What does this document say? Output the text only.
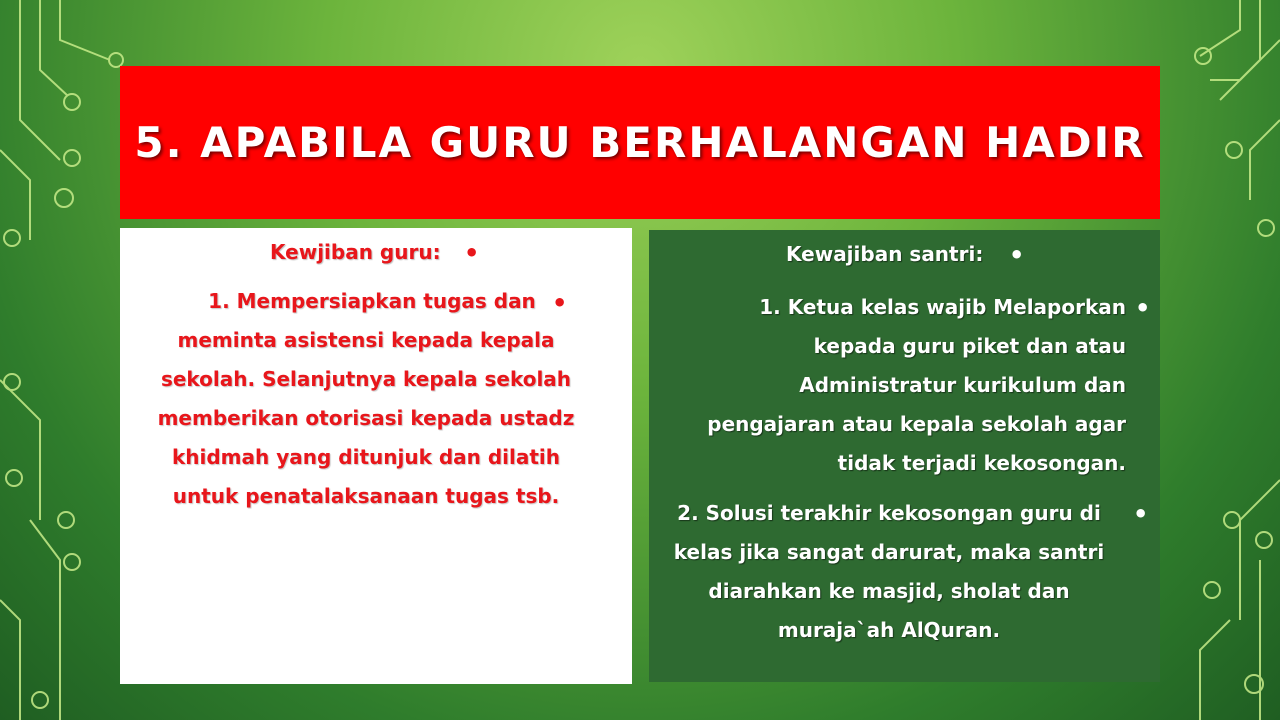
5. APABILA GURU BERHALANGAN HADIR
Kewjiban guru: •
1. Mempersiapkan tugas dan
meminta asistensi kepada kepala
sekolah. Selanjutnya kepala sekolah
memberikan otorisasi kepada ustadz
khidmah yang ditunjuk dan dilatih
untuk penatalaksanaan tugas tsb.
•
Kewajiban santri: •
1. Ketua kelas wajib Melaporkan
kepada guru piket dan atau
Administratur kurikulum dan
pengajaran atau kepala sekolah agar
tidak terjadi kekosongan.
•
2. Solusi terakhir kekosongan guru di
kelas jika sangat darurat, maka santri
diarahkan ke masjid, sholat dan
muraja`ah AlQuran.
•
